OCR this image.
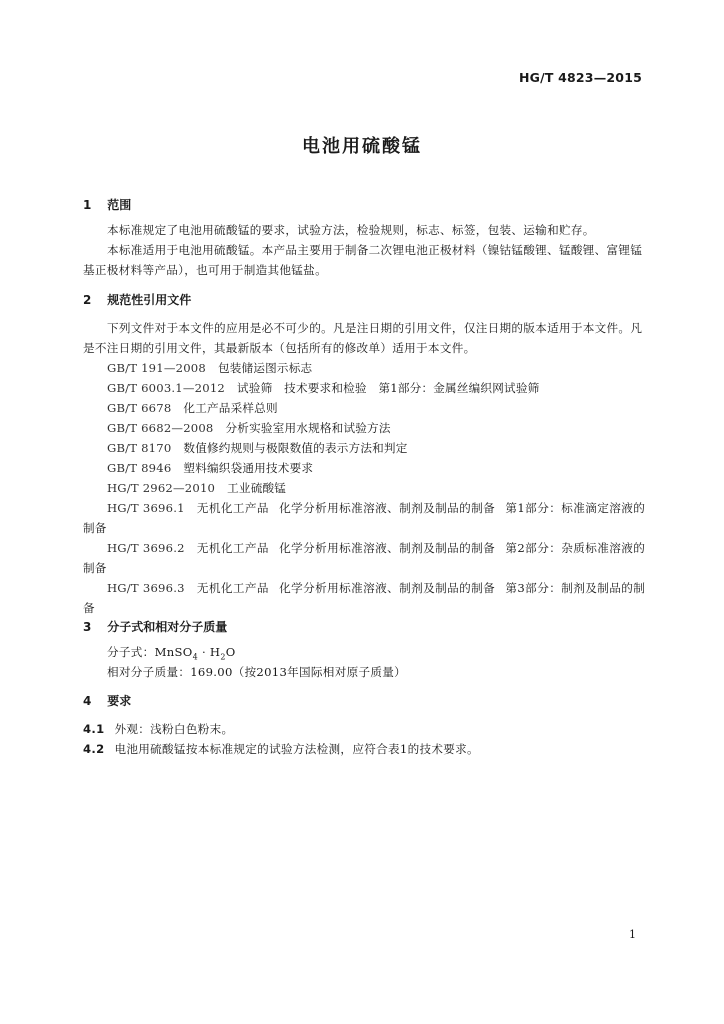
HG/T 4823—2015
电池用硫酸锰
1 范围
本标准规定了电池用硫酸锰的要求，试验方法，检验规则，标志、标签，包装、运输和贮存。
本标准适用于电池用硫酸锰。本产品主要用于制备二次锂电池正极材料（镍钴锰酸锂、锰酸锂、富锂锰基正极材料等产品），也可用于制造其他锰盐。
2 规范性引用文件
下列文件对于本文件的应用是必不可少的。凡是注日期的引用文件，仅注日期的版本适用于本文件。凡是不注日期的引用文件，其最新版本（包括所有的修改单）适用于本文件。
GB/T 191—2008 包装储运图示标志
GB/T 6003.1—2012 试验筛　技术要求和检验　第1部分：金属丝编织网试验筛
GB/T 6678 化工产品采样总则
GB/T 6682—2008 分析实验室用水规格和试验方法
GB/T 8170 数值修约规则与极限数值的表示方法和判定
GB/T 8946 塑料编织袋通用技术要求
HG/T 2962—2010 工业硫酸锰
HG/T 3696.1 无机化工产品 化学分析用标准溶液、制剂及制品的制备 第1部分：标准滴定溶液的制备
HG/T 3696.2 无机化工产品 化学分析用标准溶液、制剂及制品的制备 第2部分：杂质标准溶液的制备
HG/T 3696.3 无机化工产品 化学分析用标准溶液、制剂及制品的制备 第3部分：制剂及制品的制备
3 分子式和相对分子质量
分子式：MnSO$_4$ · $H_2O$
相对分子质量：169.00（按2013年国际相对原子质量）
4 要求
4.1 外观：浅粉白色粉末。
4.2 电池用硫酸锰按本标准规定的试验方法检测，应符合表1的技术要求。
1
